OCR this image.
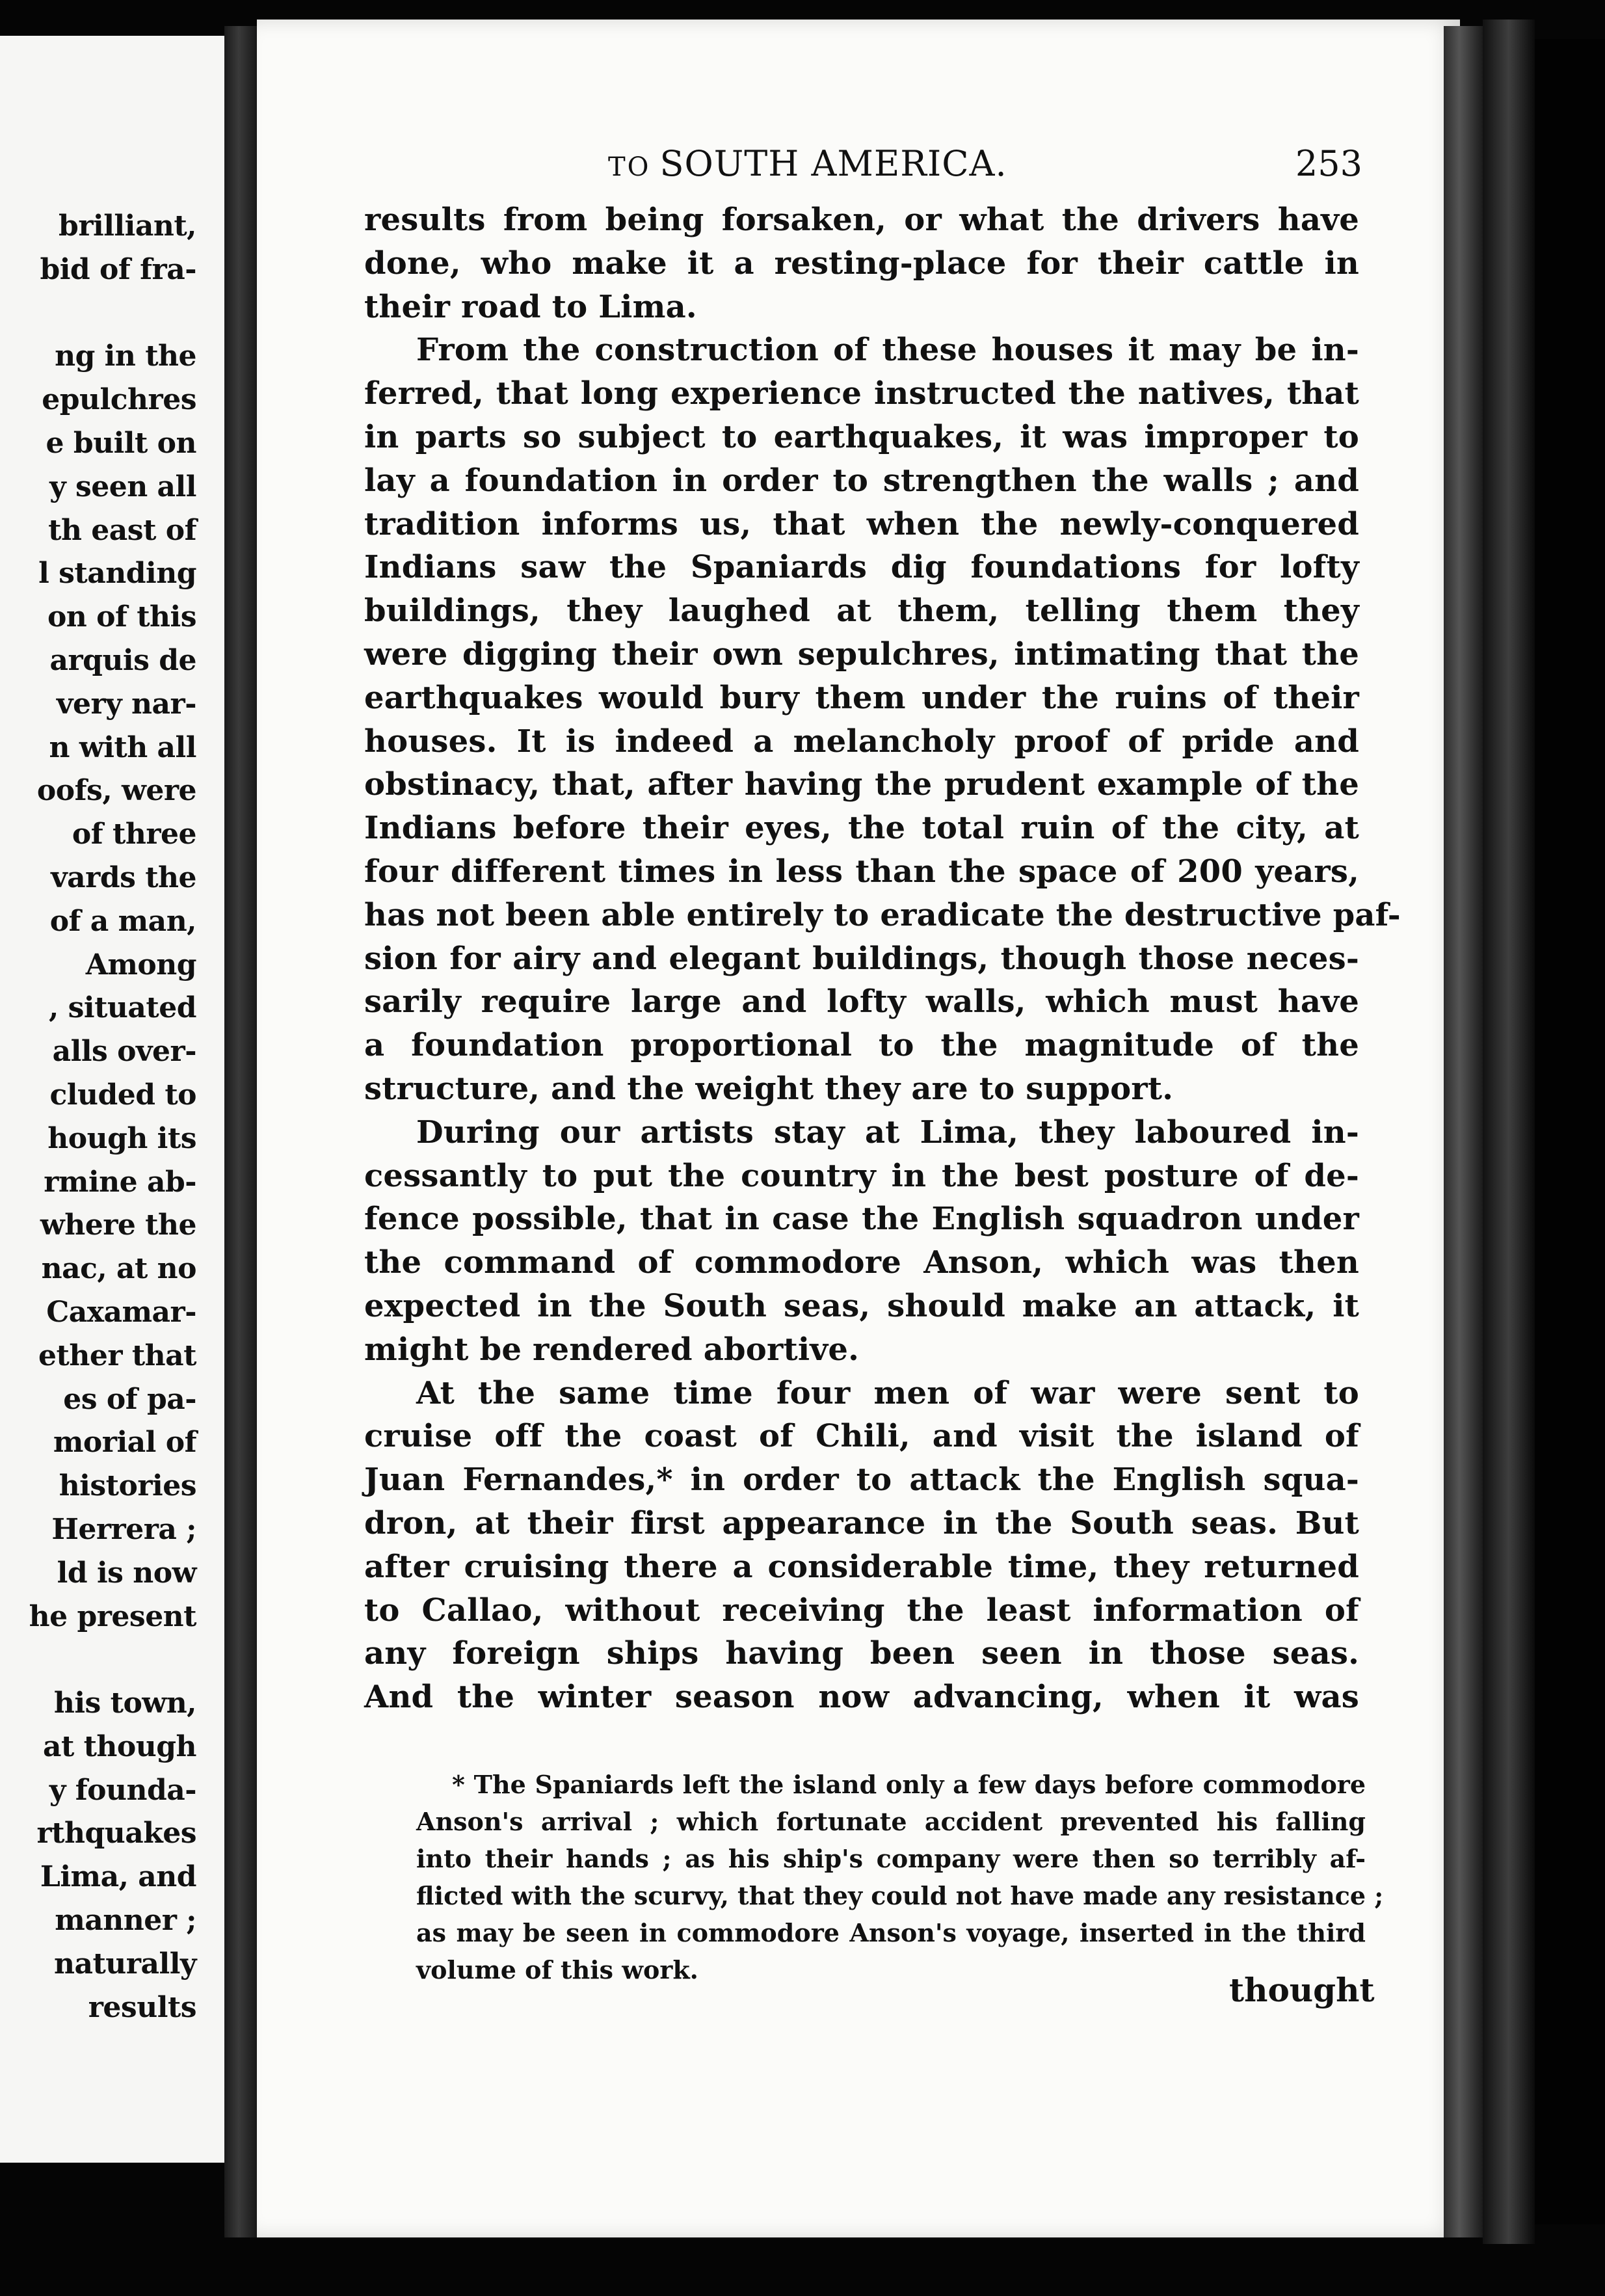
brilliant,
bid of fra-
ng in the
epulchres
e built on
y seen all
th east of
l standing
on of this
arquis de
very nar-
n with all
oofs, were
of three
vards the
of a man,
Among
, situated
alls over-
cluded to
hough its
rmine ab-
where the
nac, at no
Caxamar-
ether that
es of pa-
morial of
histories
Herrera ;
ld is now
he present
his town,
at though
y founda-
rthquakes
Lima, and
manner ;
naturally
results
TO SOUTH AMERICA.	253
results from being forsaken, or what the drivers have
done, who make it a resting-place for their cattle in
their road to Lima.
From the construction of these houses it may be in-
ferred, that long experience instructed the natives, that
in parts so subject to earthquakes, it was improper to
lay a foundation in order to strengthen the walls ; and
tradition informs us, that when the newly-conquered
Indians saw the Spaniards dig foundations for lofty
buildings, they laughed at them, telling them they
were digging their own sepulchres, intimating that the
earthquakes would bury them under the ruins of their
houses. It is indeed a melancholy proof of pride and
obstinacy, that, after having the prudent example of the
Indians before their eyes, the total ruin of the city, at
four different times in less than the space of 200 years,
has not been able entirely to eradicate the destructive paf-
sion for airy and elegant buildings, though those neces-
sarily require large and lofty walls, which must have
a foundation proportional to the magnitude of the
structure, and the weight they are to support.
During our artists stay at Lima, they laboured in-
cessantly to put the country in the best posture of de-
fence possible, that in case the English squadron under
the command of commodore Anson, which was then
expected in the South seas, should make an attack, it
might be rendered abortive.
At the same time four men of war were sent to
cruise off the coast of Chili, and visit the island of
Juan Fernandes,* in order to attack the English squa-
dron, at their first appearance in the South seas. But
after cruising there a considerable time, they returned
to Callao, without receiving the least information of
any foreign ships having been seen in those seas.
And the winter season now advancing, when it was
* The Spaniards left the island only a few days before commodore
Anson's arrival ; which fortunate accident prevented his falling
into their hands ; as his ship's company were then so terribly af-
flicted with the scurvy, that they could not have made any resistance ;
as may be seen in commodore Anson's voyage, inserted in the third
volume of this work.
thought
